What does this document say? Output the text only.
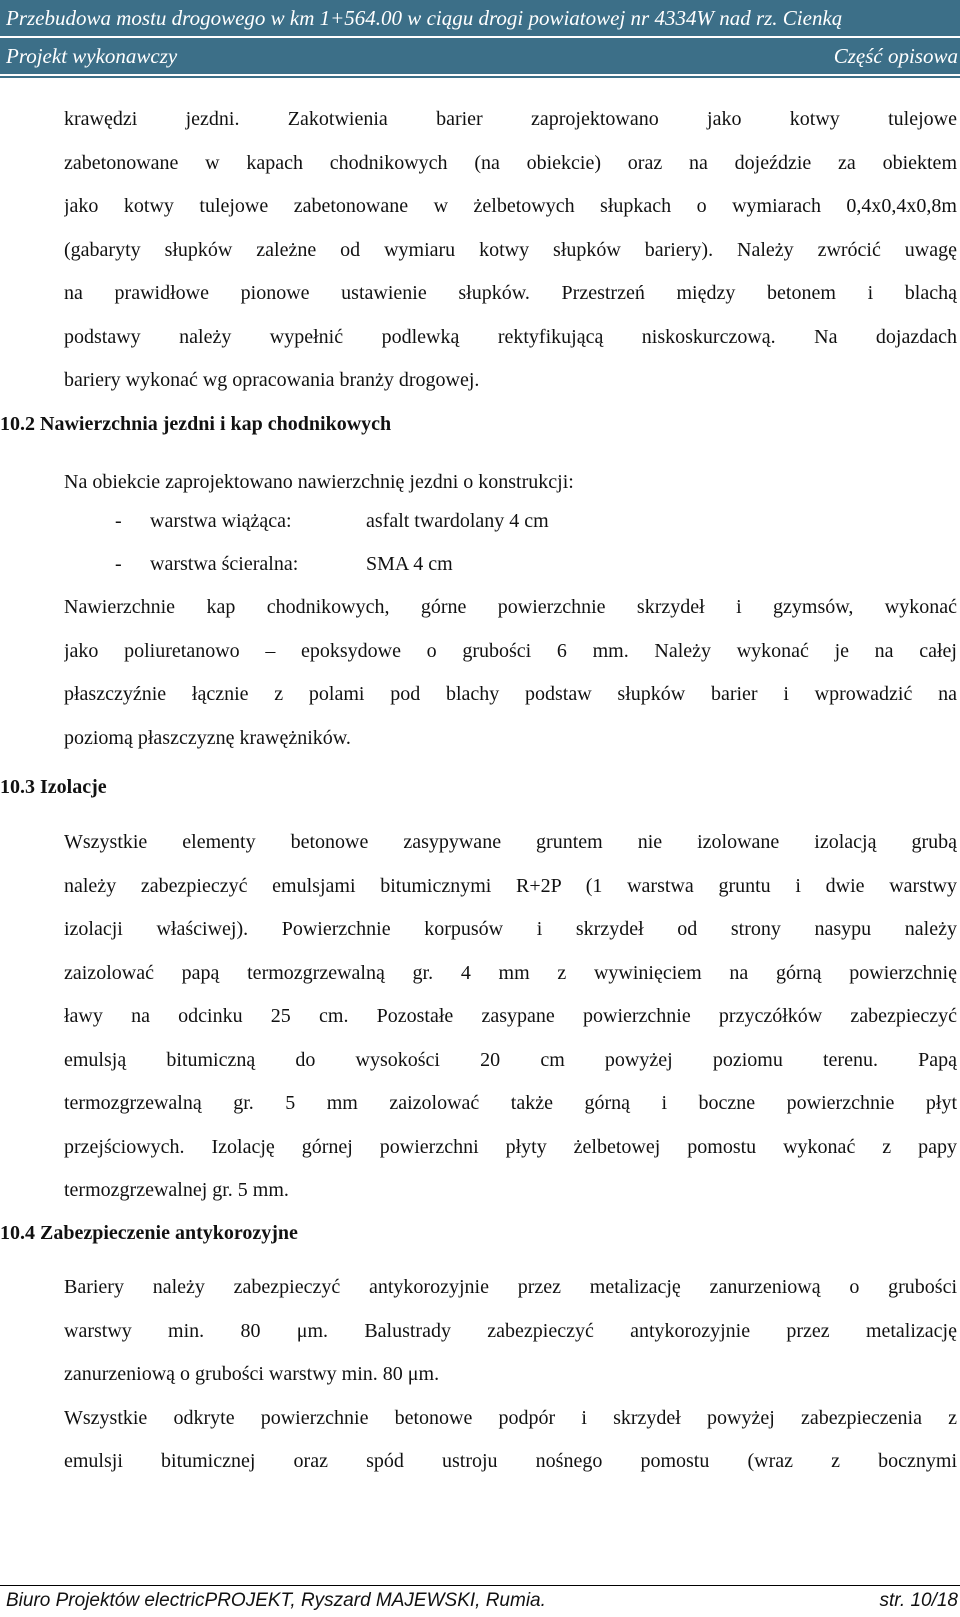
Przebudowa mostu drogowego w km 1+564.00 w ciągu drogi powiatowej nr 4334W nad rz. Cienką
Projekt wykonawczy	Część opisowa

krawędzi jezdni. Zakotwienia barier zaprojektowano jako kotwy tulejowe

zabetonowane w kapach chodnikowych (na obiekcie) oraz na dojeździe za obiektem

jako kotwy tulejowe zabetonowane w żelbetowych słupkach o wymiarach 0,4x0,4x0,8m

(gabaryty słupków zależne od wymiaru kotwy słupków bariery). Należy zwrócić uwagę

na prawidłowe pionowe ustawienie słupków. Przestrzeń między betonem i blachą

podstawy należy wypełnić podlewką rektyfikującą niskoskurczową. Na dojazdach

bariery wykonać wg opracowania branży drogowej.

10.2 Nawierzchnia jezdni i kap chodnikowych

Na obiekcie zaprojektowano nawierzchnię jezdni o konstrukcji:

- warstwa wiążąca:	asfalt twardolany 4 cm
- warstwa ścieralna:	SMA 4 cm

Nawierzchnie kap chodnikowych, górne powierzchnie skrzydeł i gzymsów, wykonać

jako poliuretanowo – epoksydowe o grubości 6 mm. Należy wykonać je na całej

płaszczyźnie łącznie z polami pod blachy podstaw słupków barier i wprowadzić na

poziomą płaszczyznę krawężników.

10.3 Izolacje

Wszystkie elementy betonowe zasypywane gruntem nie izolowane izolacją grubą

należy zabezpieczyć emulsjami bitumicznymi R+2P (1 warstwa gruntu i dwie warstwy

izolacji właściwej). Powierzchnie korpusów i skrzydeł od strony nasypu należy

zaizolować papą termozgrzewalną gr. 4 mm z wywinięciem na górną powierzchnię

ławy na odcinku 25 cm. Pozostałe zasypane powierzchnie przyczółków zabezpieczyć

emulsją bitumiczną do wysokości 20 cm powyżej poziomu terenu. Papą

termozgrzewalną gr. 5 mm zaizolować także górną i boczne powierzchnie płyt

przejściowych. Izolację górnej powierzchni płyty żelbetowej pomostu wykonać z papy

termozgrzewalnej gr. 5 mm.

10.4 Zabezpieczenie antykorozyjne

Bariery należy zabezpieczyć antykorozyjnie przez metalizację zanurzeniową o grubości

warstwy min. 80 μm. Balustrady zabezpieczyć antykorozyjnie przez metalizację

zanurzeniową o grubości warstwy min. 80 μm.

Wszystkie odkryte powierzchnie betonowe podpór i skrzydeł powyżej zabezpieczenia z

emulsji bitumicznej oraz spód ustroju nośnego pomostu (wraz z bocznymi

Biuro Projektów electricPROJEKT, Ryszard MAJEWSKI, Rumia.	str. 10/18
